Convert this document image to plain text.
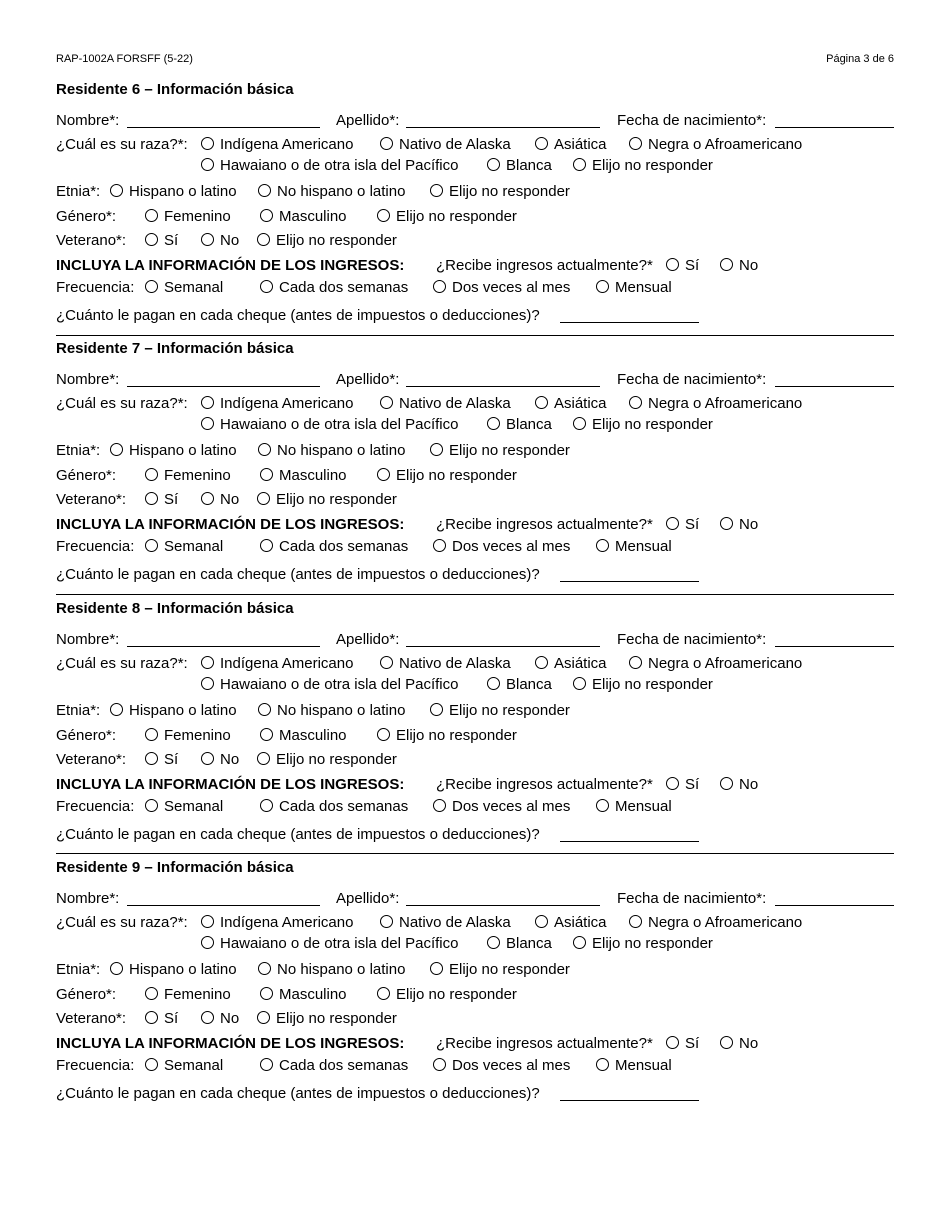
RAP-1002A FORSFF (5-22)	Página 3 de 6
Residente 6 – Información básica
Nombre*:	Apellido*:	Fecha de nacimiento*:
¿Cuál es su raza?*:	Indígena Americano	Nativo de Alaska	Asiática	Negra o Afroamericano
Hawaiano o de otra isla del Pacífico	Blanca	Elijo no responder
Etnia*:	Hispano o latino	No hispano o latino	Elijo no responder
Género*:	Femenino	Masculino	Elijo no responder
Veterano*:	Sí	No	Elijo no responder
INCLUYA LA INFORMACIÓN DE LOS INGRESOS: ¿Recibe ingresos actualmente?*	Sí	No
Frecuencia:	Semanal	Cada dos semanas	Dos veces al mes	Mensual
¿Cuánto le pagan en cada cheque (antes de impuestos o deducciones)?
Residente 7 – Información básica
Nombre*:	Apellido*:	Fecha de nacimiento*:
¿Cuál es su raza?*:	Indígena Americano	Nativo de Alaska	Asiática	Negra o Afroamericano
Hawaiano o de otra isla del Pacífico	Blanca	Elijo no responder
Etnia*:	Hispano o latino	No hispano o latino	Elijo no responder
Género*:	Femenino	Masculino	Elijo no responder
Veterano*:	Sí	No	Elijo no responder
INCLUYA LA INFORMACIÓN DE LOS INGRESOS: ¿Recibe ingresos actualmente?*	Sí	No
Frecuencia:	Semanal	Cada dos semanas	Dos veces al mes	Mensual
¿Cuánto le pagan en cada cheque (antes de impuestos o deducciones)?
Residente 8 – Información básica
Nombre*:	Apellido*:	Fecha de nacimiento*:
¿Cuál es su raza?*:	Indígena Americano	Nativo de Alaska	Asiática	Negra o Afroamericano
Hawaiano o de otra isla del Pacífico	Blanca	Elijo no responder
Etnia*:	Hispano o latino	No hispano o latino	Elijo no responder
Género*:	Femenino	Masculino	Elijo no responder
Veterano*:	Sí	No	Elijo no responder
INCLUYA LA INFORMACIÓN DE LOS INGRESOS: ¿Recibe ingresos actualmente?*	Sí	No
Frecuencia:	Semanal	Cada dos semanas	Dos veces al mes	Mensual
¿Cuánto le pagan en cada cheque (antes de impuestos o deducciones)?
Residente 9 – Información básica
Nombre*:	Apellido*:	Fecha de nacimiento*:
¿Cuál es su raza?*:	Indígena Americano	Nativo de Alaska	Asiática	Negra o Afroamericano
Hawaiano o de otra isla del Pacífico	Blanca	Elijo no responder
Etnia*:	Hispano o latino	No hispano o latino	Elijo no responder
Género*:	Femenino	Masculino	Elijo no responder
Veterano*:	Sí	No	Elijo no responder
INCLUYA LA INFORMACIÓN DE LOS INGRESOS: ¿Recibe ingresos actualmente?*	Sí	No
Frecuencia:	Semanal	Cada dos semanas	Dos veces al mes	Mensual
¿Cuánto le pagan en cada cheque (antes de impuestos o deducciones)?
